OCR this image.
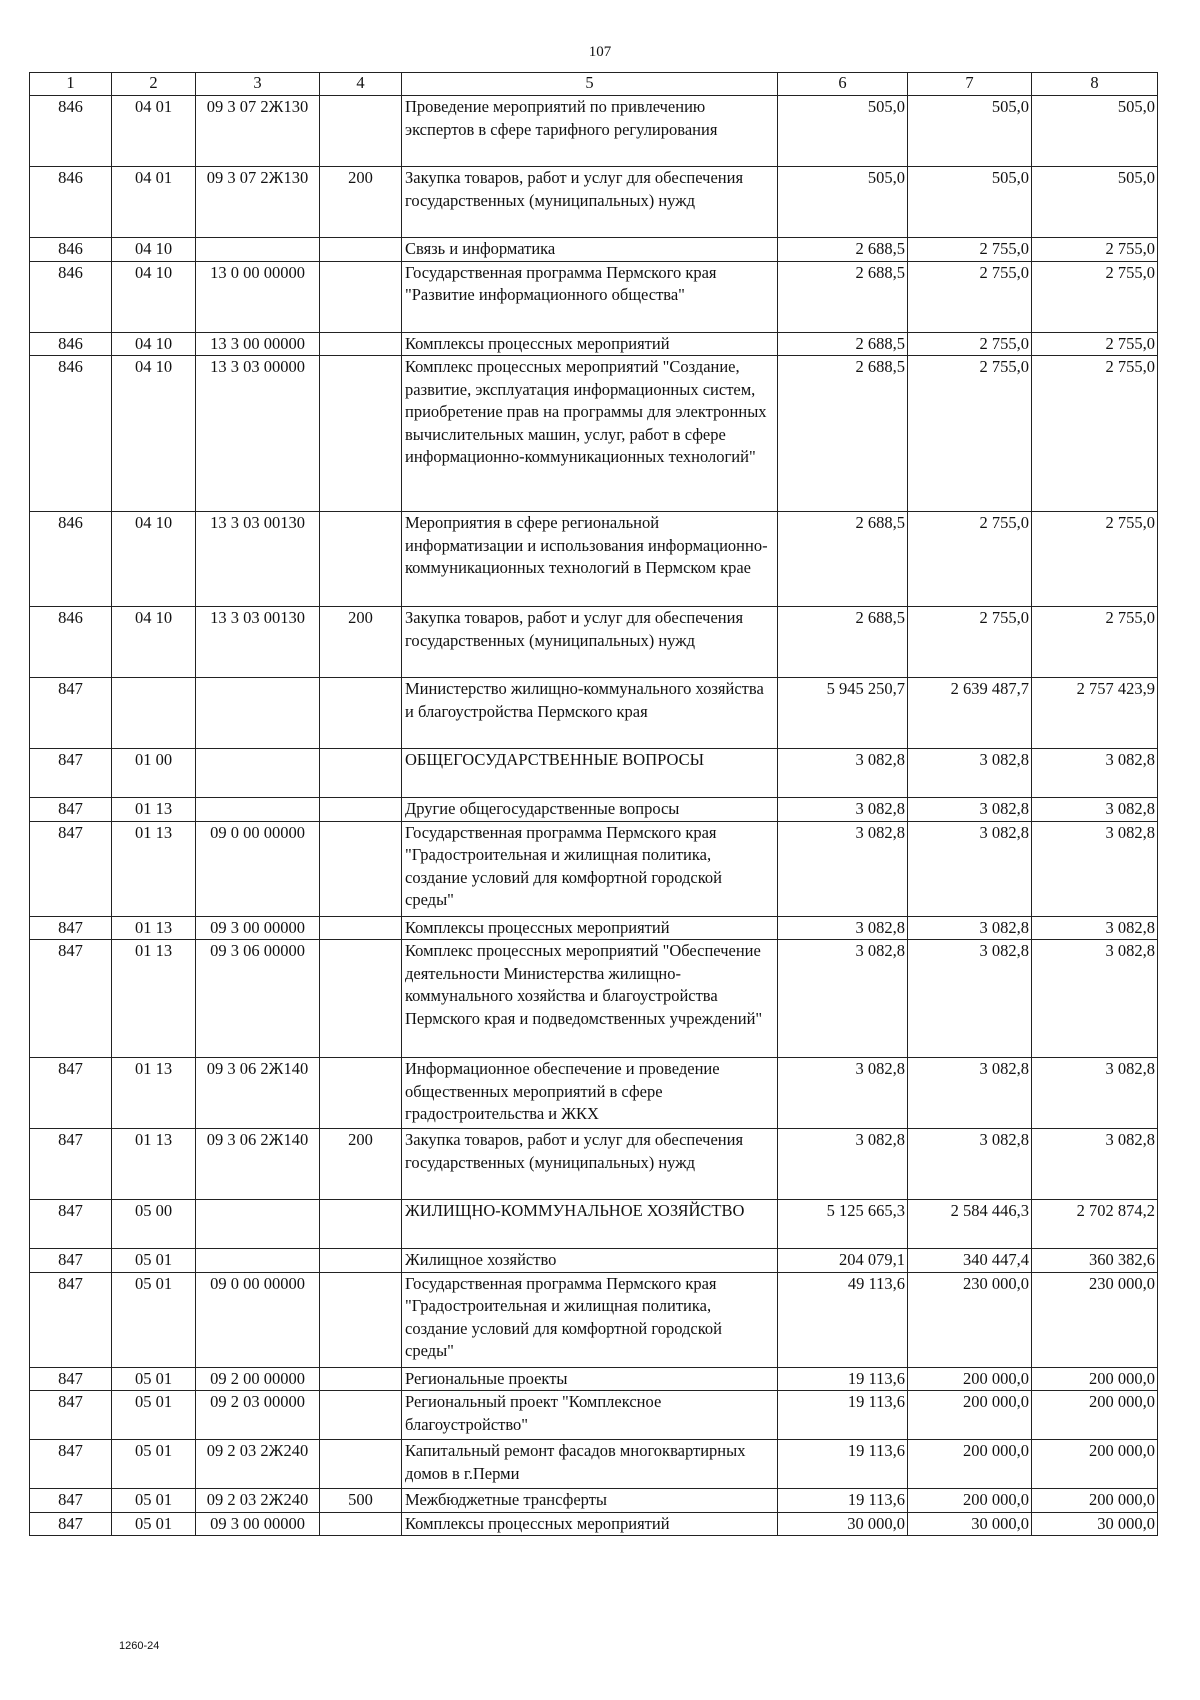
107
1	2	3	4	5	6	7	8
846	04 01	09 3 07 2Ж130		Проведение мероприятий по привлечению экспертов в сфере тарифного регулирования	505,0	505,0	505,0
846	04 01	09 3 07 2Ж130	200	Закупка товаров, работ и услуг для обеспечения государственных (муниципальных) нужд	505,0	505,0	505,0
846	04 10			Связь и информатика	2 688,5	2 755,0	2 755,0
846	04 10	13 0 00 00000		Государственная программа Пермского края "Развитие информационного общества"	2 688,5	2 755,0	2 755,0
846	04 10	13 3 00 00000		Комплексы процессных мероприятий	2 688,5	2 755,0	2 755,0
846	04 10	13 3 03 00000		Комплекс процессных мероприятий "Создание, развитие, эксплуатация информационных систем, приобретение прав на программы для электронных вычислительных машин, услуг, работ в сфере информационно-коммуникационных технологий"	2 688,5	2 755,0	2 755,0
846	04 10	13 3 03 00130		Мероприятия в сфере региональной информатизации и использования информационно-коммуникационных технологий в Пермском крае	2 688,5	2 755,0	2 755,0
846	04 10	13 3 03 00130	200	Закупка товаров, работ и услуг для обеспечения государственных (муниципальных) нужд	2 688,5	2 755,0	2 755,0
847				Министерство жилищно-коммунального хозяйства и благоустройства Пермского края	5 945 250,7	2 639 487,7	2 757 423,9
847	01 00			ОБЩЕГОСУДАРСТВЕННЫЕ ВОПРОСЫ	3 082,8	3 082,8	3 082,8
847	01 13			Другие общегосударственные вопросы	3 082,8	3 082,8	3 082,8
847	01 13	09 0 00 00000		Государственная программа Пермского края "Градостроительная и жилищная политика, создание условий для комфортной городской среды"	3 082,8	3 082,8	3 082,8
847	01 13	09 3 00 00000		Комплексы процессных мероприятий	3 082,8	3 082,8	3 082,8
847	01 13	09 3 06 00000		Комплекс процессных мероприятий "Обеспечение деятельности Министерства жилищно-коммунального хозяйства и благоустройства Пермского края и подведомственных учреждений"	3 082,8	3 082,8	3 082,8
847	01 13	09 3 06 2Ж140		Информационное обеспечение и проведение общественных мероприятий в сфере градостроительства и ЖКХ	3 082,8	3 082,8	3 082,8
847	01 13	09 3 06 2Ж140	200	Закупка товаров, работ и услуг для обеспечения государственных (муниципальных) нужд	3 082,8	3 082,8	3 082,8
847	05 00			ЖИЛИЩНО-КОММУНАЛЬНОЕ ХОЗЯЙСТВО	5 125 665,3	2 584 446,3	2 702 874,2
847	05 01			Жилищное хозяйство	204 079,1	340 447,4	360 382,6
847	05 01	09 0 00 00000		Государственная программа Пермского края "Градостроительная и жилищная политика, создание условий для комфортной городской среды"	49 113,6	230 000,0	230 000,0
847	05 01	09 2 00 00000		Региональные проекты	19 113,6	200 000,0	200 000,0
847	05 01	09 2 03 00000		Региональный проект "Комплексное благоустройство"	19 113,6	200 000,0	200 000,0
847	05 01	09 2 03 2Ж240		Капитальный ремонт фасадов многоквартирных домов в г.Перми	19 113,6	200 000,0	200 000,0
847	05 01	09 2 03 2Ж240	500	Межбюджетные трансферты	19 113,6	200 000,0	200 000,0
847	05 01	09 3 00 00000		Комплексы процессных мероприятий	30 000,0	30 000,0	30 000,0
1260-24
